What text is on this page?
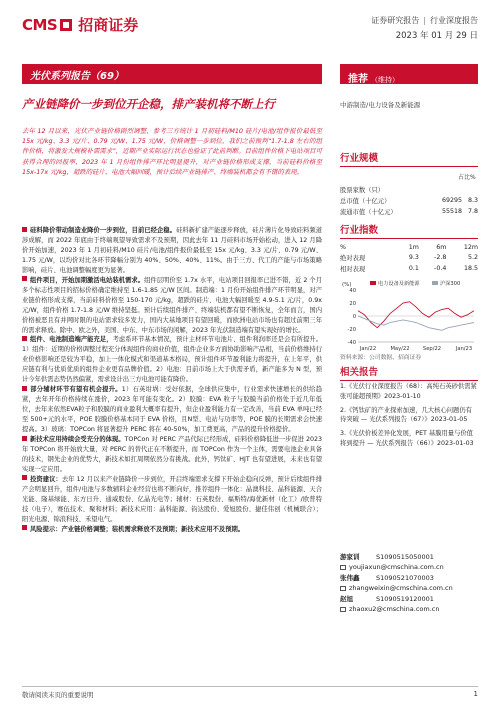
CMS 招商证券	证券研究报告 | 行业深度报告
2023 年 01 月 29 日
光伏系列报告（69）	推荐 （维持）
产业链降价一步到位开企稳，排产装机将不断上行	中游制造/电力设备及新能源
去年 12 月以来，光伏产业链价格剧烈调整，参考三方统计 1 月初硅料/M10 硅片/电池/组件报价最低至 15x 元/kg、3.3 元/片、0.79 元/W、1.75 元/W，价格调整一步到位，我们之前预判“1.7-1.8 左右的组件价格，将激发大规模补需需求”，近期产业实际运行状态也验证了此前判断。目前组件价格下电站项目可获得合理的回报率，2023 年 1 月份组件排产环比明显提升，对产业链价格形成支撑，当前硅料价格至 15x-17x 元/kg，超跌的硅片、电池大幅回暖，预计后续产业链排产、终端装机都会有不错的表现。
硅料降价带动制造业降价一步到位，目前已经企稳。硅料新扩建产能逐步释放，硅片薄片化导致硅料频道涉成解，而 2022 年底由于终端观望导致需求不及预期，因此去年 11 月硅料市场开始松动，进入 12 月降价开始加速，2023 年 1 月初硅料/M10 硅片/电池/组件报价最低至 15x 元/kg、3.3 元/片、0.79 元/W、1.75 元/W，以均价对比各环节降幅分别为 40%、50%、40%、11%。由于三方、代工的产能与市场策略影响，硅片、电池调整幅度更为显著。
组件项目，开始加期激活电站装机需求。组件层明价至 1.7x 水平，电站项目回报率已进不错，近 2 个月多个标志性项目的招标价格确定维持至 1.6-1.85 元/W 区间。制造端：1 月份开始组件排产环节明显，对产业链价格形成支撑，当前硅料价格至 150-170 元/kg，超跌的硅片、电池大幅回暖至 4.9-5.1 元/片，0.9x 元/W，组件价格 1.7-1.8 元/W 维持坚挺。预计后续组件排产、终端装机都有望不断恢复，全年而言，国内价格被恶且有并网时限的电站需求较多发力，国内大基地项目有望回暖，而欧洲电站市场也有超过前期三年的需求释放。除中、欧之外，美国、中东、中东市场的闲解，2023 年光伏制造端有望实现好的增长。
组件、电池制造端产能充足，考虑系环节基本情况，预计主材环节电池片、组件利润率还是会有所提升。1）组件：近期的价格调整过程充分体现组件的商业价值，组件企业多方面协助影响产品相，当前价格维持行业价格影响还是较为平稳，加上一体化模式和渠道基本格局，预计组件环节盈利能力将提升，在上年平，供应链有利与优质优质的组件企业更有品牌价值。2）电池：目前市场上大于供需矛盾，新产能多为 N 型，预计今年供需态势仍然偏紧，需求设计出三方电池可能有降价。
部分辅材环节有望有机会提升。1）石英坩埚：受好依据，全球供应集中，行业需求快速增长的供给趋紧，去年开年价格持续在涨价，2023 年可能有变化。2）胶膜：EVA 粒子与胶膜当前价格处于近几年低位，去年来依然EVA粒子和胶膜的商业盈利大概率有提升，但企业盈利能力有一定改善，当前 EVA 单吨已经至 500+元的水平，POE 胶膜价格基本同于 EVA 价格，且N型、电站与功率等，POE 膜的长期需求会快速提高。3）玻璃：TOPCon 将显著提升 PERC 将在 40-50%，加工费更高，产品的提升价格提价。
新技术应用持续会受充分的体现。TOPCon 对 PERC 产品代际已经形成，硅料价格降低进一步促进 2023 年 TOPCon 将开始放大量，对 PERC 的替代正在不断提升，而 TOPCon 作为一个主体，需要电池企业具备的技术，钢先企业的优势大，新技术如扛周期依然分有挑战。此外，钙钛矿、HJT 也有望进展，未来也有望实现一定应用。
投资建议：去年 12 月以来产业链降价一步到位，开启终端需求支撑下开始企稳向反弹，预计后续组件排产会明显回升，组件/电池与多数辅料企业经营也将不断向好，推荐组件一体化：晶澳科技、晶科能源、天合光能、隆基绿能、东方日升、通威股份、亿晶光电等；辅材：石英股份、福斯特/海优新材（化工）/欧普特技（电子），赛伍技术、聚和材料；新技术应用：晶科能源、钧达股份、爱旭股份、捷佳伟创（机械联合）；阳光电源、锦浪科技、禾望电气。
风险提示：产业链价格调整；装机需求释放不及预期；新技术应用不及预期。
行业规模
占比%
股票家数（只）		
总市值（十亿元）	69295	8.3
流通市值（十亿元）	55518	7.8
行业指数
%	1m	6m	12m
绝对表现	9.3	-2.8	5.2
相对表现	0.1	-0.4	18.5
(%)	电力设备及新能源	沪深300
40
20
0
-20
-40
Jan/22	May/22	Sep/22	Jan/23
资料来源：公司数据、招商证券
相关报告
1.《光伏行业深度报告（68）：高纯石英砂供需紧张可能超预期》2023-01-10
2.《钙钛矿的产业探索加速，几大核心问题仍有待突破 — 光伏系列报告（67）》2023-01-05
3.《光伏价板差异化发展，PET 基膜用量与价值将到提升 — 光伏系列报告（66）》2023-01-03
游家训	S1090515050001
youjiaxun@cmschina.com.cn
张伟鑫	S1090521070003
zhangweixin@cmschina.com.cn
赵旭	S1090519120001
zhaoxu2@cmschina.com.cn
敬请阅读末页的重要说明	1
